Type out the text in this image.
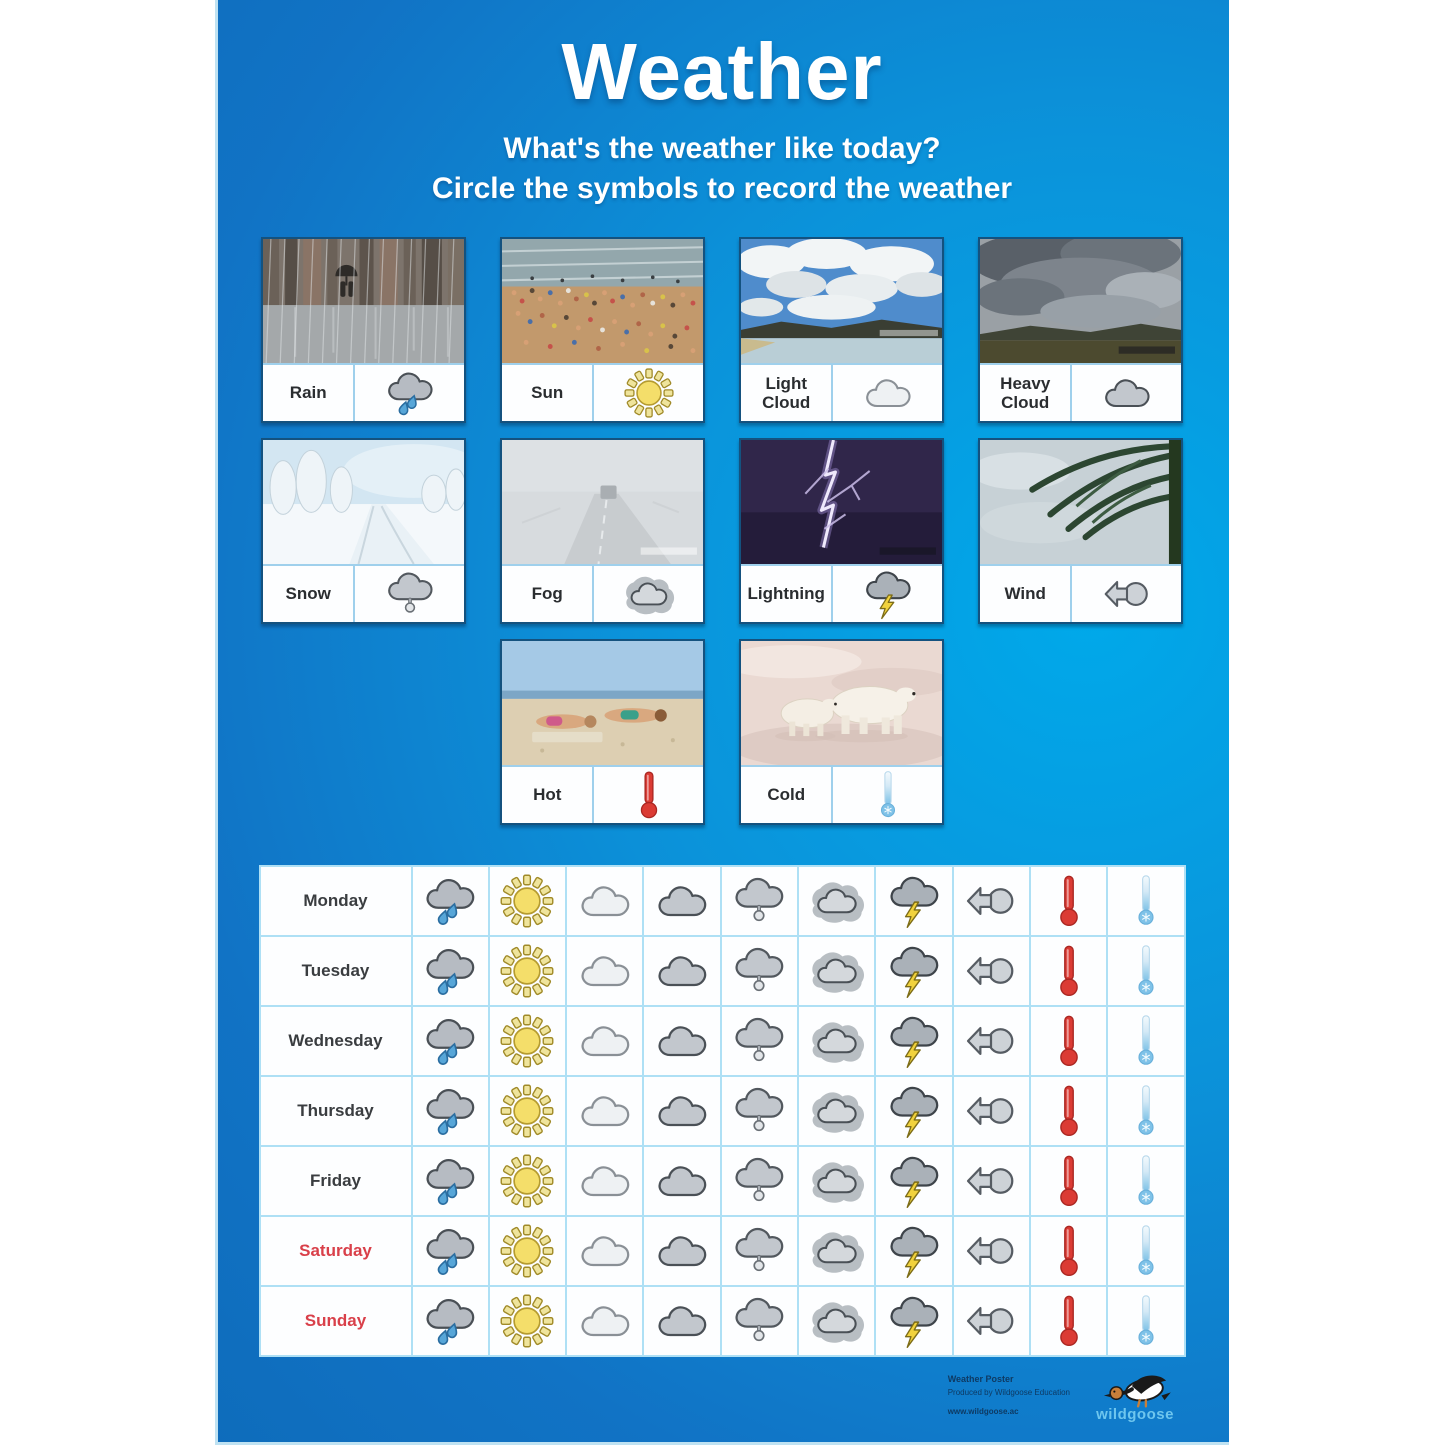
Weather
What's the weather like today?
Circle the symbols to record the weather
Rain	Sun
Light Cloud
Heavy Cloud
Snow	Fog	Lightning	Wind
Hot	Cold
Monday
Tuesday
Wednesday
Thursday
Friday
Saturday
Sunday
Weather Poster
Produced by Wildgoose Education
www.wildgoose.ac	wildgoose
